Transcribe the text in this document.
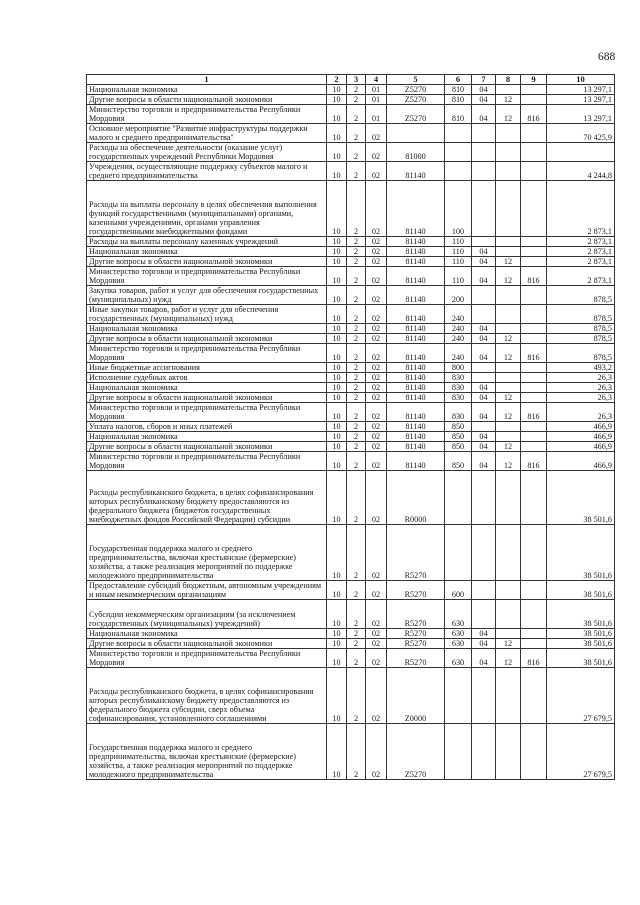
688
1	2	3	4	5	6	7	8	9	10
Национальная экономика	10	2	01	Z5270	810	04			13 297,1
Другие вопросы в области национальной экономики	10	2	01	Z5270	810	04	12		13 297,1
Министерство торговли и предпринимательства Республики Мордовия	10	2	01	Z5270	810	04	12	816	13 297,1
Основное мероприятие "Развитие инфраструктуры поддержки малого и среднего предпринимательства"	10	2	02						70 425,9
Расходы на обеспечение деятельности (оказание услуг) государственных учреждений Республики Мордовия	10	2	02	81000					
Учреждения, осуществляющие поддержку субъектов малого и среднего предпринимательства	10	2	02	81140					4 244,8
Расходы на выплаты персоналу в целях обеспечения выполнения функций государственными (муниципальными) органами, казенными учреждениями, органами управления государственными внебюджетными фондами	10	2	02	81140	100				2 873,1
Расходы на выплаты персоналу казенных учреждений	10	2	02	81140	110				2 873,1
Национальная экономика	10	2	02	81140	110	04			2 873,1
Другие вопросы в области национальной экономики	10	2	02	81140	110	04	12		2 873,1
Министерство торговли и предпринимательства Республики Мордовия	10	2	02	81140	110	04	12	816	2 873,1
Закупка товаров, работ и услуг для обеспечения государственных (муниципальных) нужд	10	2	02	81140	200				878,5
Иные закупки товаров, работ и услуг для обеспечения государственных (муниципальных) нужд	10	2	02	81140	240				878,5
Национальная экономика	10	2	02	81140	240	04			878,5
Другие вопросы в области национальной экономики	10	2	02	81140	240	04	12		878,5
Министерство торговли и предпринимательства Республики Мордовия	10	2	02	81140	240	04	12	816	878,5
Иные бюджетные ассигнования	10	2	02	81140	800				493,2
Исполнение судебных актов	10	2	02	81140	830				26,3
Национальная экономика	10	2	02	81140	830	04			26,3
Другие вопросы в области национальной экономики	10	2	02	81140	830	04	12		26,3
Министерство торговли и предпринимательства Республики Мордовия	10	2	02	81140	830	04	12	816	26,3
Уплата налогов, сборов и иных платежей	10	2	02	81140	850				466,9
Национальная экономика	10	2	02	81140	850	04			466,9
Другие вопросы в области национальной экономики	10	2	02	81140	850	04	12		466,9
Министерство торговли и предпринимательства Республики Мордовия	10	2	02	81140	850	04	12	816	466,9
Расходы республиканского бюджета, в целях софинансирования которых республиканскому бюджету предоставляются из федерального бюджета (бюджетов государственных внебюджетных фондов Российской Федерации) субсидии	10	2	02	R0000					38 501,6
Государственная поддержка малого и среднего предпринимательства, включая крестьянские (фермерские) хозяйства, а также реализация мероприятий по поддержке молодежного предпринимательства	10	2	02	R5270					38 501,6
Предоставление субсидий бюджетным, автономным учреждениям и иным некоммерческим организациям	10	2	02	R5270	600				38 501,6
Субсидии некоммерческим организациям (за исключением государственных (муниципальных) учреждений)	10	2	02	R5270	630				38 501,6
Национальная экономика	10	2	02	R5270	630	04			38 501,6
Другие вопросы в области национальной экономики	10	2	02	R5270	630	04	12		38 501,6
Министерство торговли и предпринимательства Республики Мордовия	10	2	02	R5270	630	04	12	816	38 501,6
Расходы республиканского бюджета, в целях софинансирования которых республиканскому бюджету предоставляются из федерального бюджета субсидии, сверх объема софинансирования, установленного соглашениями	10	2	02	Z0000					27 679,5
Государственная поддержка малого и среднего предпринимательства, включая крестьянские (фермерские) хозяйства, а также реализация мероприятий по поддержке молодежного предпринимательства	10	2	02	Z5270					27 679,5
